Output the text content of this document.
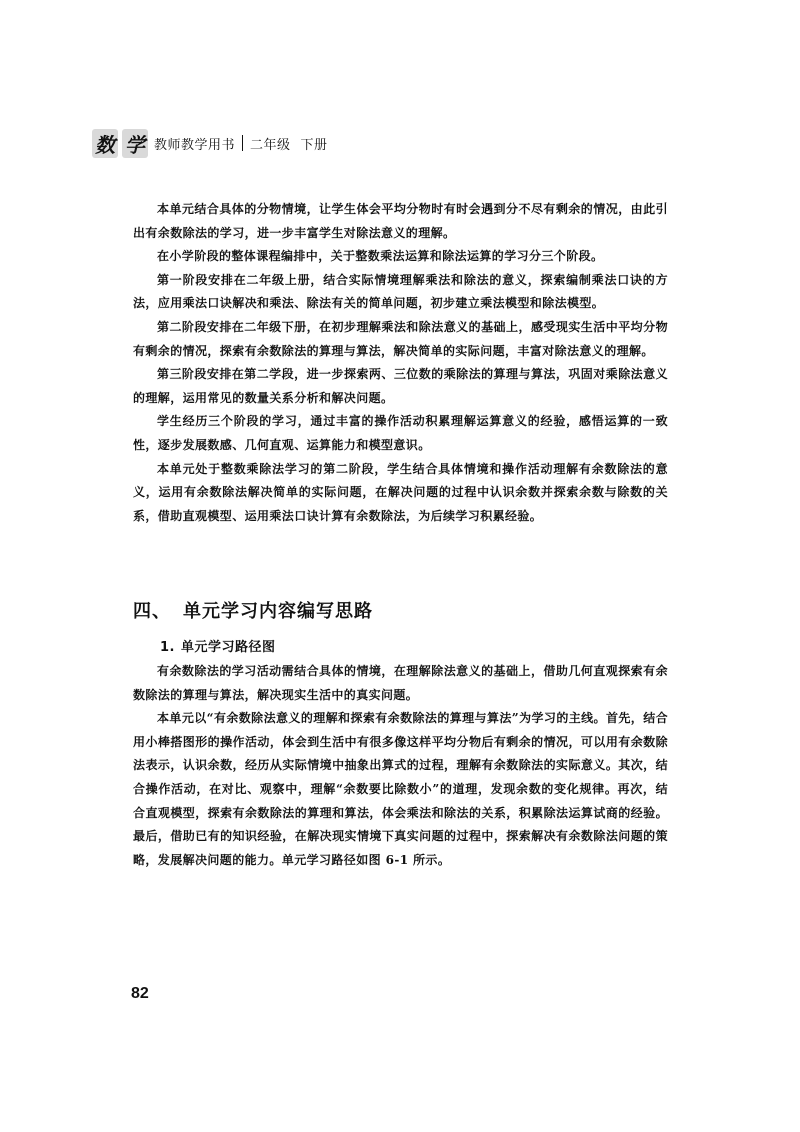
数 学 教师教学用书 二年级 下册

本单元结合具体的分物情境，让学生体会平均分物时有时会遇到分不尽有剩余的情况，由此引出有余数除法的学习，进一步丰富学生对除法意义的理解。

在小学阶段的整体课程编排中，关于整数乘法运算和除法运算的学习分三个阶段。

第一阶段安排在二年级上册，结合实际情境理解乘法和除法的意义，探索编制乘法口诀的方法，应用乘法口诀解决和乘法、除法有关的简单问题，初步建立乘法模型和除法模型。

第二阶段安排在二年级下册，在初步理解乘法和除法意义的基础上，感受现实生活中平均分物有剩余的情况，探索有余数除法的算理与算法，解决简单的实际问题，丰富对除法意义的理解。

第三阶段安排在第二学段，进一步探索两、三位数的乘除法的算理与算法，巩固对乘除法意义的理解，运用常见的数量关系分析和解决问题。

学生经历三个阶段的学习，通过丰富的操作活动积累理解运算意义的经验，感悟运算的一致性，逐步发展数感、几何直观、运算能力和模型意识。

本单元处于整数乘除法学习的第二阶段，学生结合具体情境和操作活动理解有余数除法的意义，运用有余数除法解决简单的实际问题，在解决问题的过程中认识余数并探索余数与除数的关系，借助直观模型、运用乘法口诀计算有余数除法，为后续学习积累经验。

四、 单元学习内容编写思路
1. 单元学习路径图

有余数除法的学习活动需结合具体的情境，在理解除法意义的基础上，借助几何直观探索有余数除法的算理与算法，解决现实生活中的真实问题。

本单元以“有余数除法意义的理解和探索有余数除法的算理与算法”为学习的主线。首先，结合用小棒搭图形的操作活动，体会到生活中有很多像这样平均分物后有剩余的情况，可以用有余数除法表示，认识余数，经历从实际情境中抽象出算式的过程，理解有余数除法的实际意义。其次，结合操作活动，在对比、观察中，理解“余数要比除数小”的道理，发现余数的变化规律。再次，结合直观模型，探索有余数除法的算理和算法，体会乘法和除法的关系，积累除法运算试商的经验。最后，借助已有的知识经验，在解决现实情境下真实问题的过程中，探索解决有余数除法问题的策略，发展解决问题的能力。单元学习路径如图 6-1 所示。

82
